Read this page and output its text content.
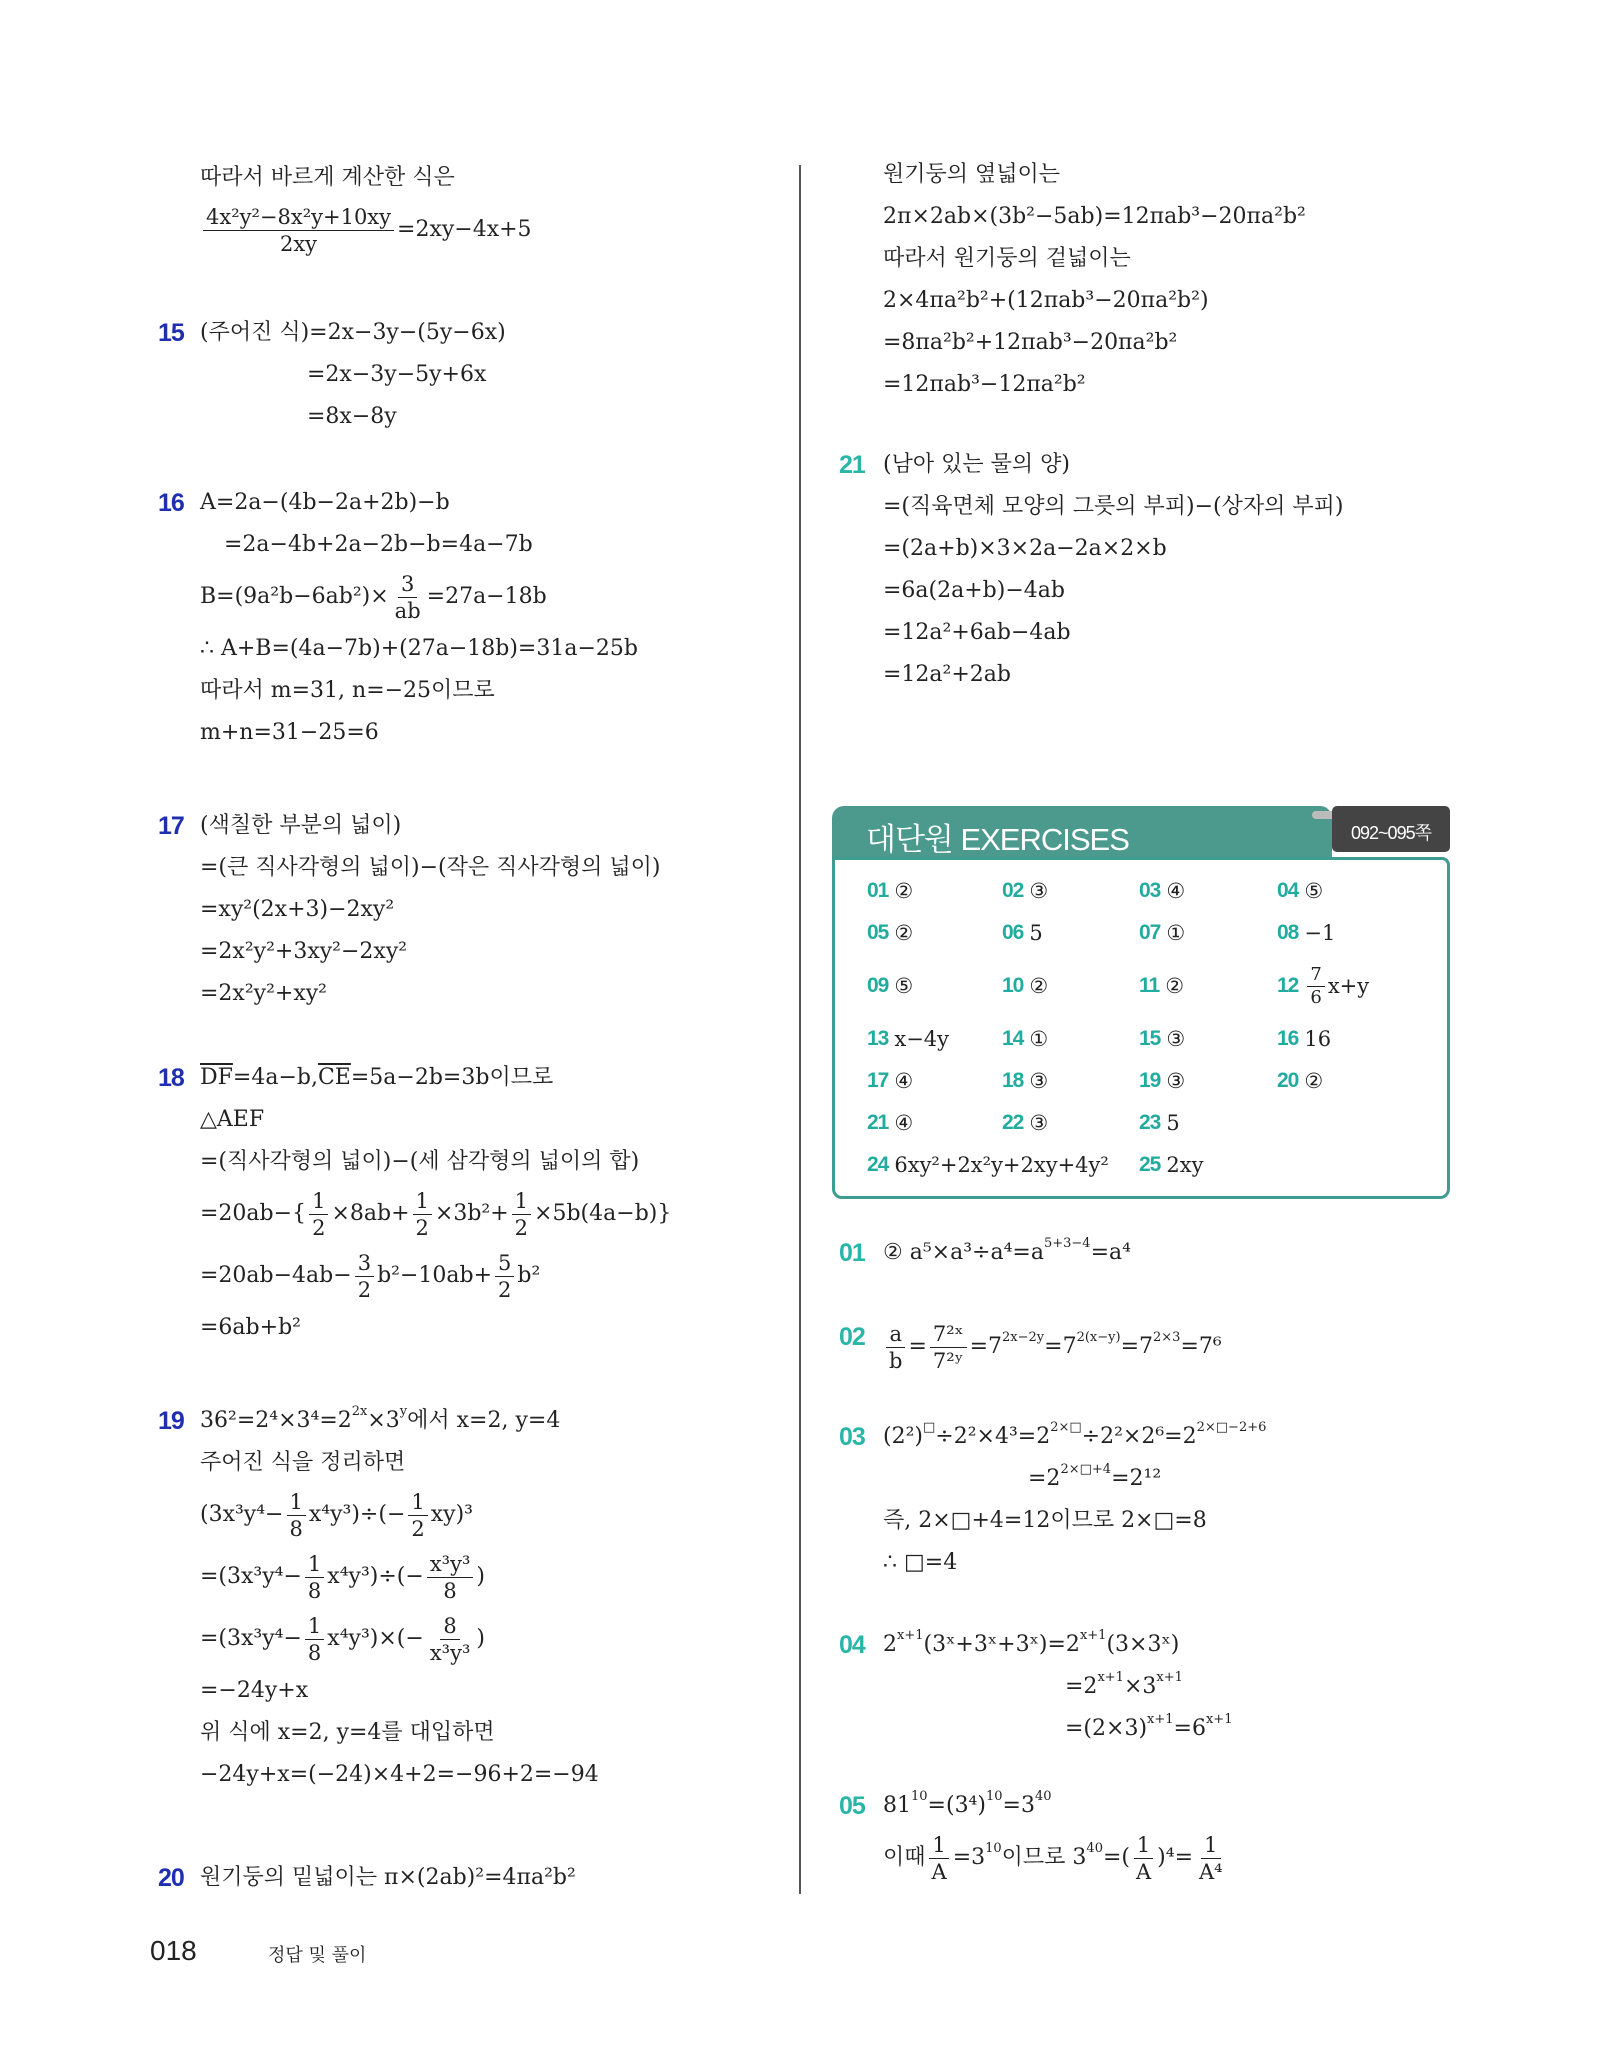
따라서 바르게 계산한 식은
$\frac{\text{4x²y²−8x²y+10xy}}{2xy} =2xy-4x+5$
15 (주어진 식)=2x−3y−(5y−6x)
=2x−3y−5y+6x
=8x−8y
16 A=2a−(4b−2a+2b)−b
=2a−4b+2a−2b−b=4a−7b
$B=(9a^2b-6ab^2)\times \frac{3}{ab} =27a-18b$
∴ A+B=(4a−7b)+(27a−18b)=31a−25b
따라서 m=31, n=−25이므로
m+n=31−25=6
17 (색칠한 부분의 넓이)
=(큰 직사각형의 넓이)−(작은 직사각형의 넓이)
=xy²(2x+3)−2xy²
=2x²y²+3xy²−2xy²
=2x²y²+xy²
18 $\overline{DF} =4a-b$, $\overline{CE} =5a-2b=3b$이므로
△AEF
=(직사각형의 넓이)−(세 삼각형의 넓이의 합)
$=20ab-\{ \frac{1}{2} \times 8ab+ \frac{1}{2} \times 3b^2+ \frac{1}{2} \times 5b(4a-b)\}$
$=20ab-4ab- \frac{3}{2} b^2-10ab+ \frac{5}{2} b^2$
=6ab+b²
19 $36^2=2^4\times 3^4=2^{2x} \times 3^y$ 에서 x=2, y=4
주어진 식을 정리하면
$(3x^3y^4- \frac{1}{8} x^4y^3)\div(- \frac{1}{2} xy)^3$
$=(3x^3y^4- \frac{1}{8} x^4y^3)\div(- \frac{\text{x³y³}}{8}$ )
$=(3x^3y^4- \frac{1}{8} x^4y^3)\times(- \frac{8}{\text{x³y³}}$ )
=−24y+x
위 식에 x=2, y=4를 대입하면
−24y+x=(−24)×4+2=−96+2=−94
20 원기둥의 밑넓이는 π×(2ab)²=4πa²b²
원기둥의 옆넓이는
2π×2ab×(3b²−5ab)=12πab³−20πa²b²
따라서 원기둥의 겉넓이는
2×4πa²b²+(12πab³−20πa²b²)
=8πa²b²+12πab³−20πa²b²
=12πab³−12πa²b²
21 (남아 있는 물의 양)
=(직육면체 모양의 그릇의 부피)−(상자의 부피)
=(2a+b)×3×2a−2a×2×b
=6a(2a+b)−4ab
=12a²+6ab−4ab
=12a²+2ab
대단원 EXERCISES	092~095쪽
01 ②	02 ③	03 ④	04 ⑤
05 ②	06 5	07 ①	08 −1
09 ⑤	10 ②	11 ②	$12 \frac{7}{6} x+y$
13 x−4y	14 ①	15 ③	16 16
17 ④	18 ③	19 ③	20 ②
21 ④	22 ③	23 5
24 6xy²+2x²y+2xy+4y² 25 2xy
01 ② $a^5\times a^3\div a^4=a^{5+3-4} =a^4$
$02 \frac{a}{b} = \frac{\text{7²ˣ}}{\text{7²ʸ}} =7^{2x-2y} =7^{2(x-y)} =7^{2\times 3} =7^6$
03 $(2^2)^□ \div 2^2\times 4^3=2^{2\times□} \div 2^2\times 2^6=2^{2\times□-2+6}$
$=2^{2\times□+4} =2^{12}$
즉, 2×□+4=12이므로 2×□=8
∴ □=4
04 $2^{x+1}$ $(3ˣ+3ˣ+3ˣ)=2^{x+1}$ (3×3ˣ)
$=2^{x+1} \times 3^{x+1}$
$=(2\times 3)^{x+1} =6^{x+1}$
05 $81^{10} =(3^4)^{10} =3^{40}$
이때 $\frac{1}{A} =3^{10}$ 이므로 $3^{40}$ =( $\frac{1}{A} )^4= \frac{1}{\text{A⁴}}$
018	정답 및 풀이
